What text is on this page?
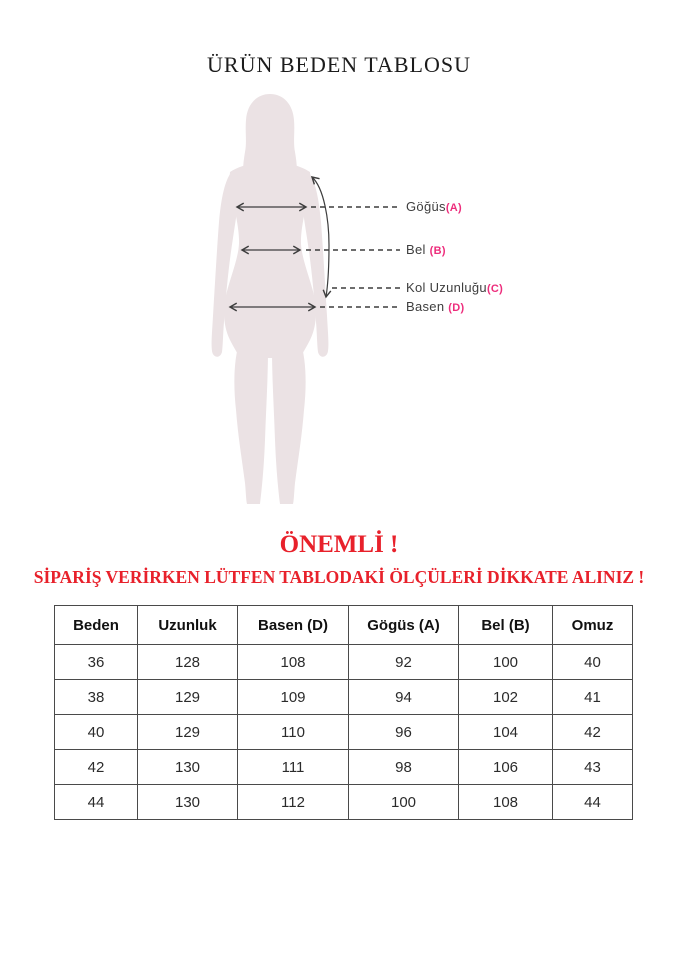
ÜRÜN BEDEN TABLOSU
Göğüs(A)
Bel (B)
Kol Uzunluğu(C)
Basen (D)
ÖNEMLİ !
SİPARİŞ VERİRKEN LÜTFEN TABLODAKİ ÖLÇÜLERİ DİKKATE ALINIZ !
Beden	Uzunluk	Basen (D)	Gögüs (A)	Bel (B)	Omuz
36	128	108	92	100	40
38	129	109	94	102	41
40	129	110	96	104	42
42	130	111	98	106	43
44	130	112	100	108	44
